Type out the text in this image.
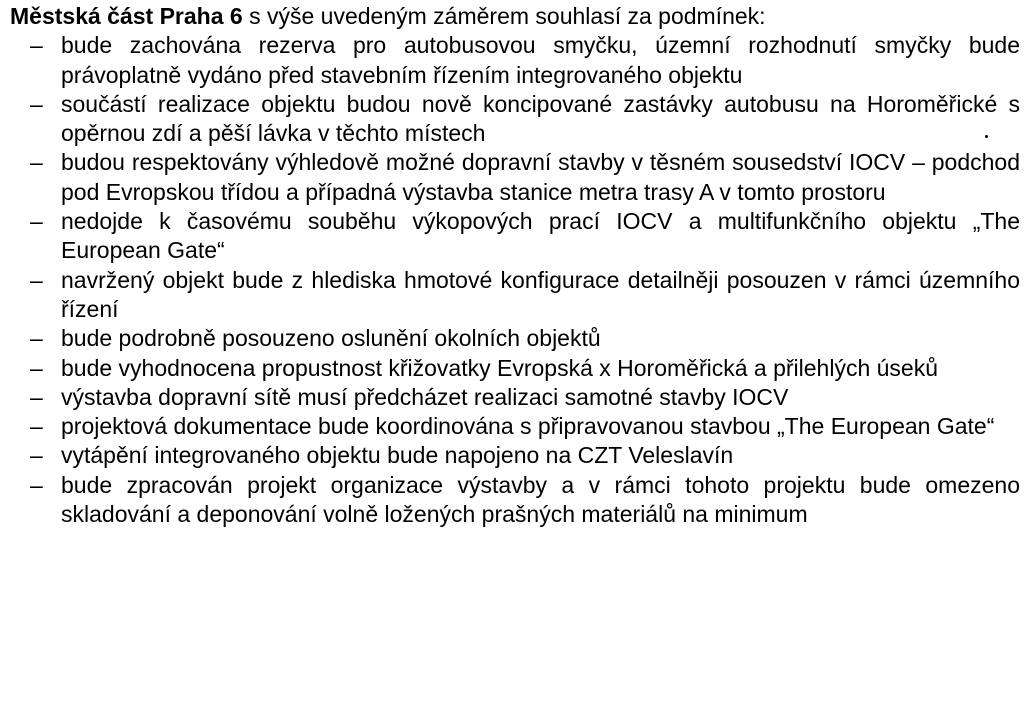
Městská část Praha 6 s výše uvedeným záměrem souhlasí za podmínek:

– bude zachována rezerva pro autobusovou smyčku, územní rozhodnutí smyčky bude právoplatně vydáno před stavebním řízením integrovaného objektu
– součástí realizace objektu budou nově koncipované zastávky autobusu na Horoměřické s opěrnou zdí a pěší lávka v těchto místech
– budou respektovány výhledově možné dopravní stavby v těsném sousedství IOCV – podchod pod Evropskou třídou a případná výstavba stanice metra trasy A v tomto prostoru
– nedojde k časovému souběhu výkopových prací IOCV a multifunkčního objektu „The European Gate“
– navržený objekt bude z hlediska hmotové konfigurace detailněji posouzen v rámci územního řízení
– bude podrobně posouzeno oslunění okolních objektů
– bude vyhodnocena propustnost křižovatky Evropská x Horoměřická a přilehlých úseků
– výstavba dopravní sítě musí předcházet realizaci samotné stavby IOCV
– projektová dokumentace bude koordinována s připravovanou stavbou „The European Gate“
– vytápění integrovaného objektu bude napojeno na CZT Veleslavín
– bude zpracován projekt organizace výstavby a v rámci tohoto projektu bude omezeno skladování a deponování volně ložených prašných materiálů na minimum
